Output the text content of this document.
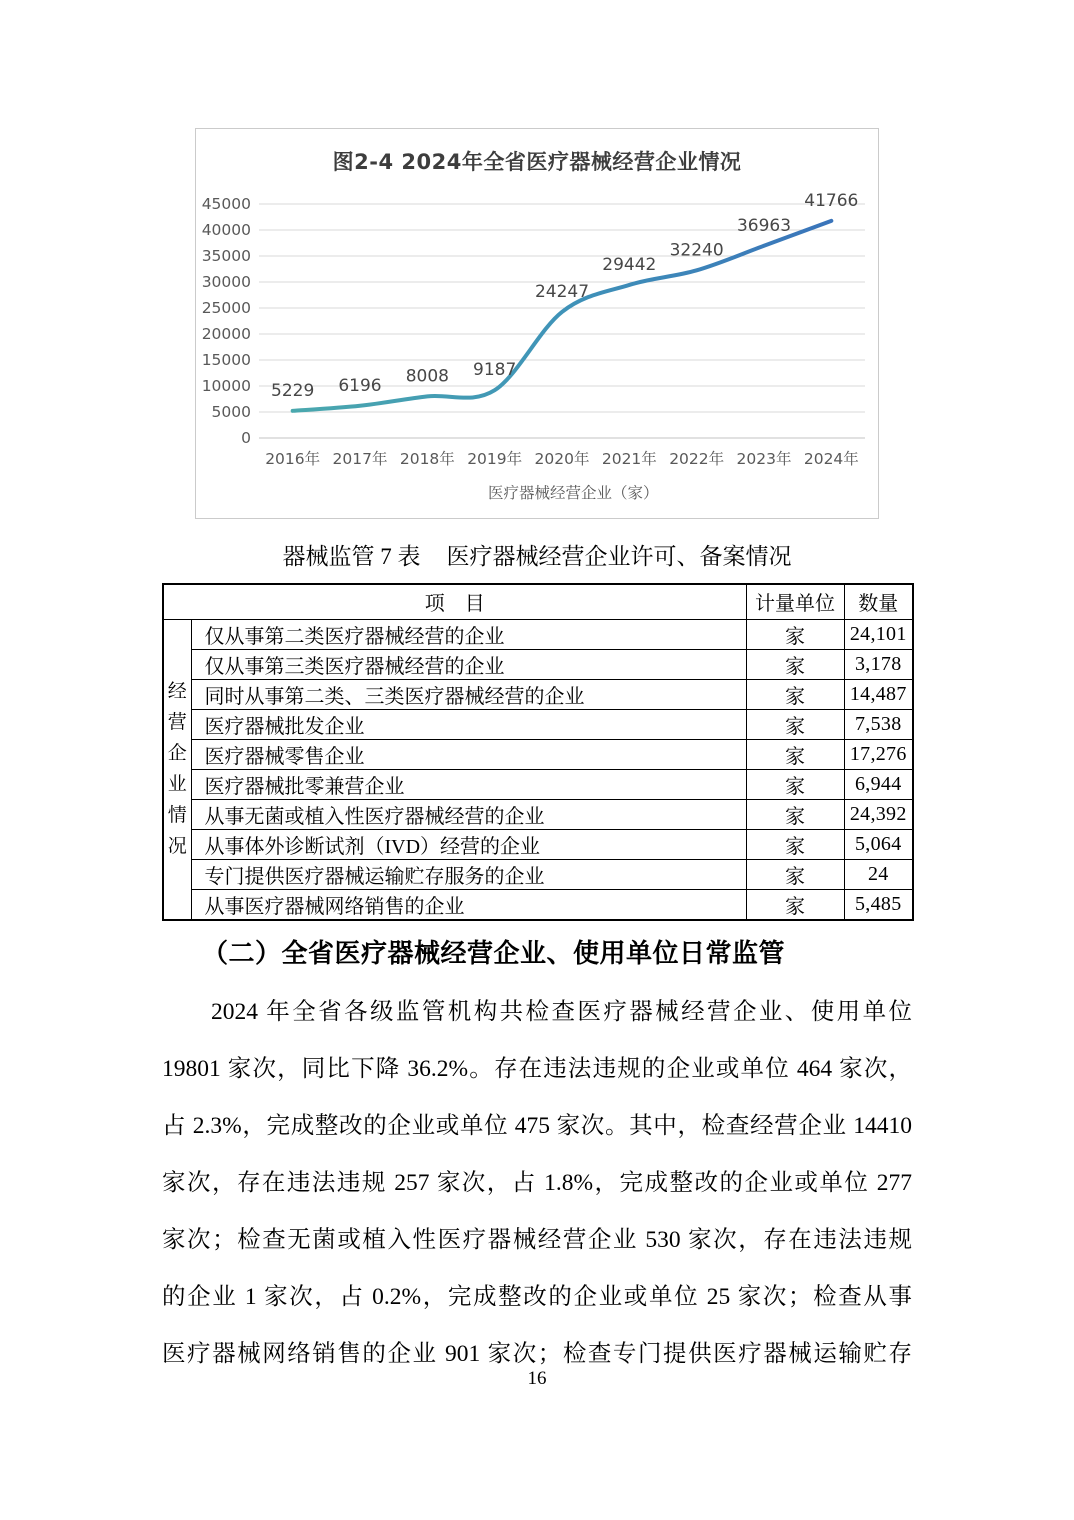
图2-4 2024年全省医疗器械经营企业情况
0
5000
10000
15000
20000
25000
30000
35000
40000
45000
2016年 2017年 2018年 2019年 2020年 2021年 2022年 2023年 2024年
5229 6196 8008 9187
24247
29442
32240
36963
41766
医疗器械经营企业（家）
器械监管 7 表 医疗器械经营企业许可、备案情况
项　目		计量单位	数量

经
营
企
业
情
况
	仅从事第二类医疗器械经营的企业	家	24,101
	仅从事第三类医疗器械经营的企业	家	3,178
	同时从事第二类、三类医疗器械经营的企业	家	14,487
	医疗器械批发企业	家	7,538
	医疗器械零售企业	家	17,276
	医疗器械批零兼营企业	家	6,944
	从事无菌或植入性医疗器械经营的企业	家	24,392
	从事体外诊断试剂（IVD）经营的企业	家	5,064
	专门提供医疗器械运输贮存服务的企业	家	24
	从事医疗器械网络销售的企业	家	5,485
（二）全省医疗器械经营企业、使用单位日常监管
2024 年全省各级监管机构共检查医疗器械经营企业、使用单位
19801 家次，同比下降 36.2%。存在违法违规的企业或单位 464 家次，
占 2.3%，完成整改的企业或单位 475 家次。其中，检查经营企业 14410
家次，存在违法违规 257 家次，占 1.8%，完成整改的企业或单位 277
家次；检查无菌或植入性医疗器械经营企业 530 家次，存在违法违规
的企业 1 家次，占 0.2%，完成整改的企业或单位 25 家次；检查从事
医疗器械网络销售的企业 901 家次；检查专门提供医疗器械运输贮存
16
